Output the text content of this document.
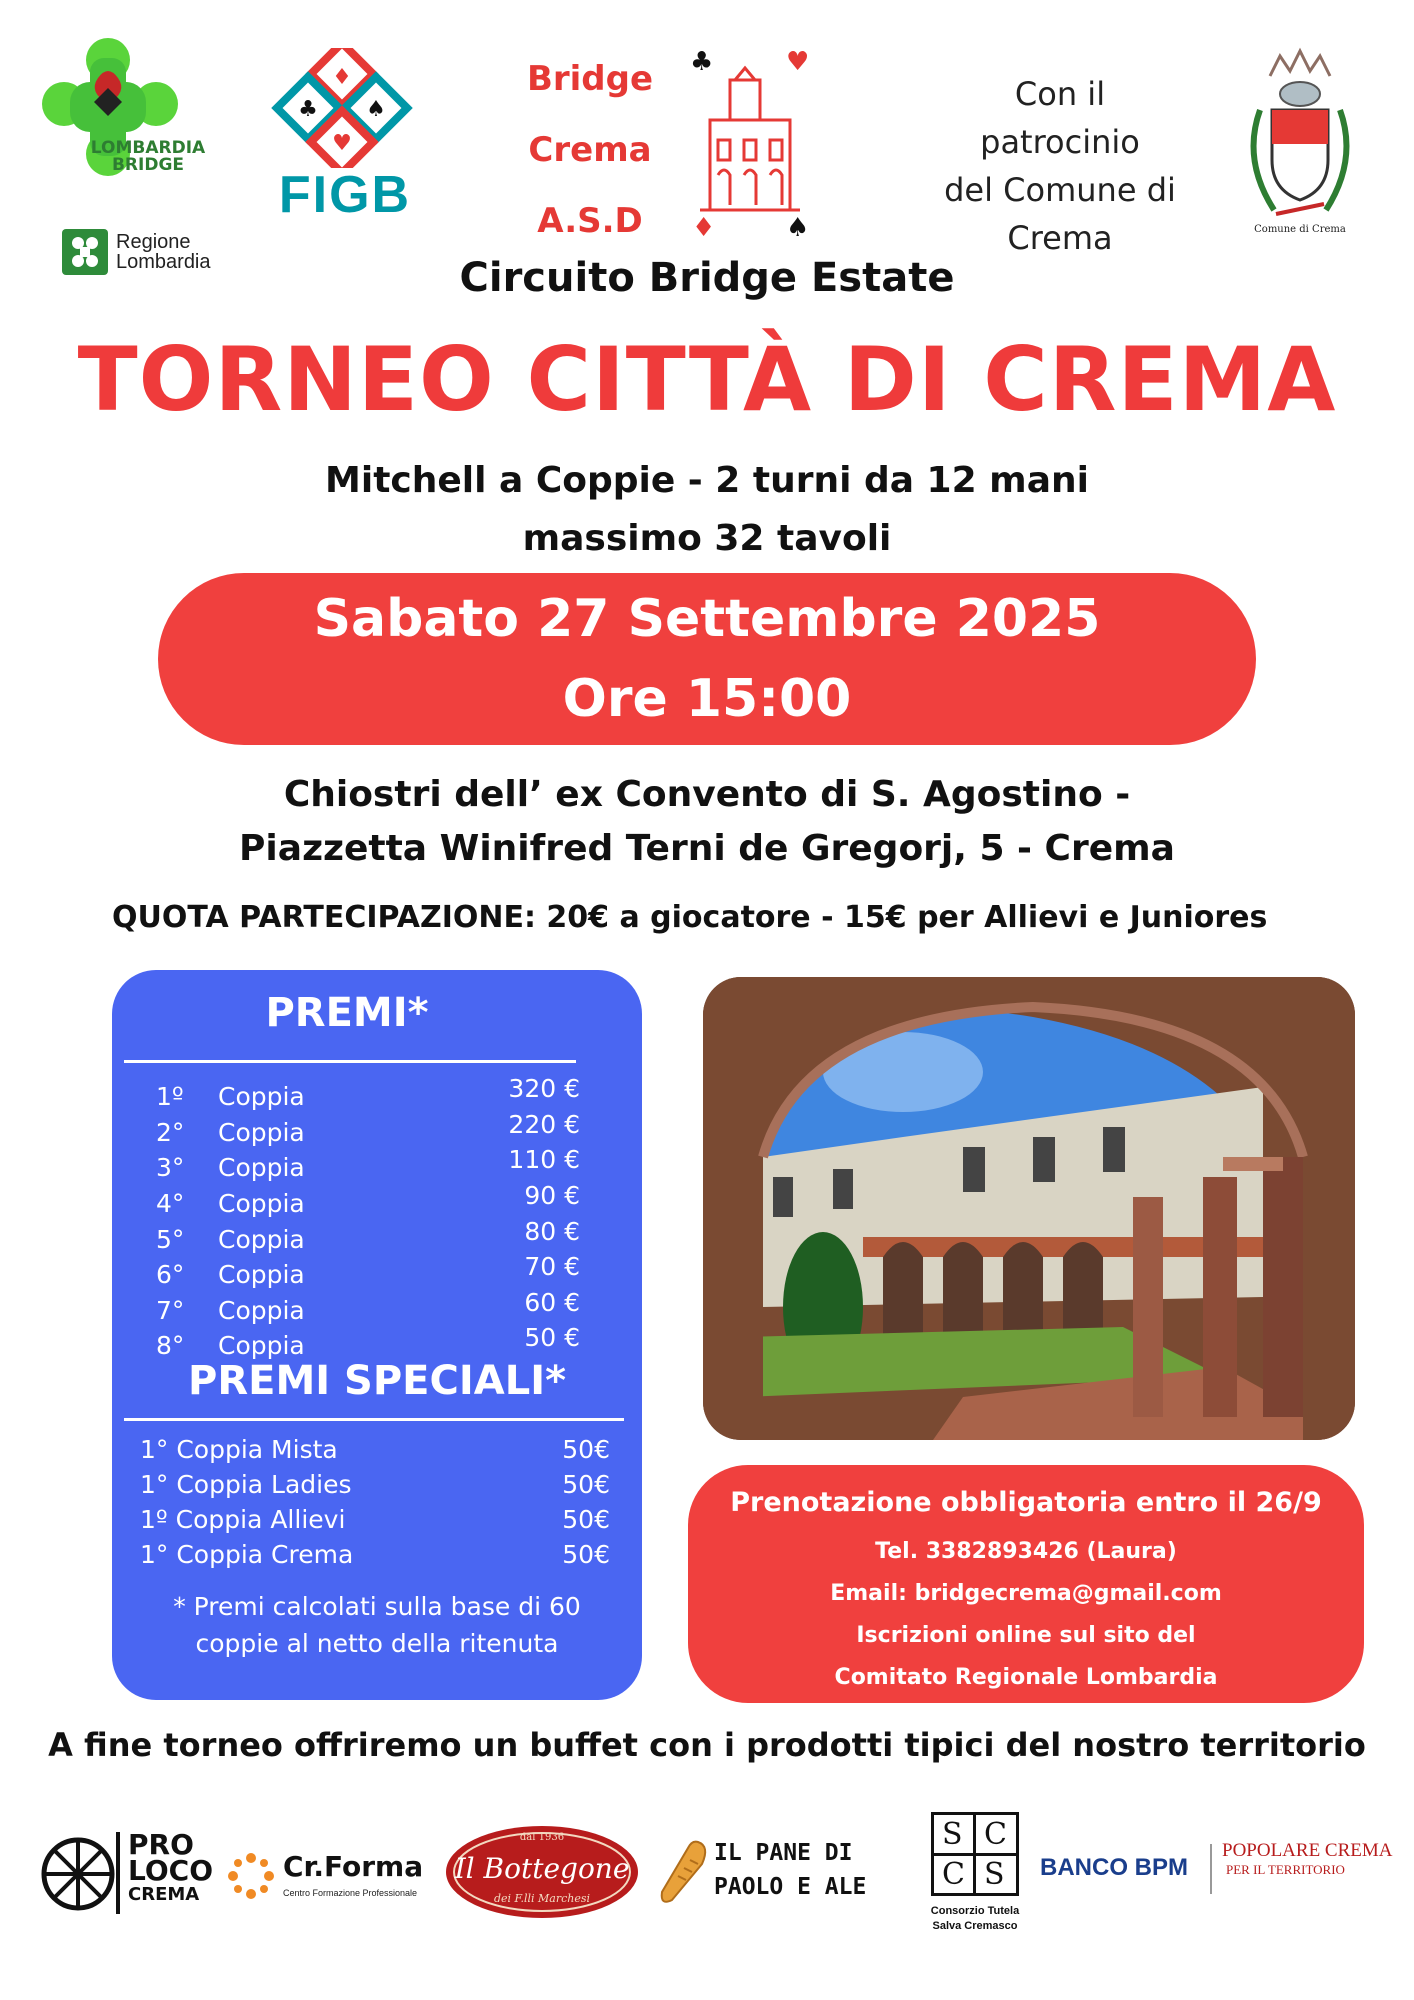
LOMBARDIA BRIDGE
Regione
Lombardia
♦
♣ ♠
♥
FIGB
Bridge
Crema
A.S.D
♣	♥
♦	♠
Con il patrocinio
del Comune di
Crema	Comune di Crema
Circuito Bridge Estate
TORNEO CITTÀ DI CREMA
Mitchell a Coppie - 2 turni da 12 mani
massimo 32 tavoli
Sabato 27 Settembre 2025
Ore 15:00
Chiostri dell’ ex Convento di S. Agostino -
Piazzetta Winifred Terni de Gregorj, 5 - Crema
QUOTA PARTECIPAZIONE: 20€ a giocatore - 15€ per Allievi e Juniores
PREMI*
1º Coppia	320 €
2° Coppia	220 €
3° Coppia	110 €
4° Coppia	90 €
5° Coppia	80 €
6° Coppia	70 €
7° Coppia	60 €
8° Coppia	50 €
PREMI SPECIALI*
1° Coppia Mista	50€
1° Coppia Ladies	50€
1º Coppia Allievi	50€
1° Coppia Crema	50€
* Premi calcolati sulla base di 60
coppie al netto della ritenuta
Prenotazione obbligatoria entro il 26/9
Tel. 3382893426 (Laura)
Email: bridgecrema@gmail.com
Iscrizioni online sul sito del
Comitato Regionale Lombardia
A fine torneo offriremo un buffet con i prodotti tipici del nostro territorio
PRO
LOCO
CREMA
Cr.Forma
Centro Formazione Professionale
dal 1936
Il Bottegone
dei F.lli Marchesi
IL PANE DI
PAOLO E ALE
S C
C S
Consorzio Tutela
Salva Cremasco
BANCO BPM
POPOLARE CREMA
PER IL TERRITORIO
